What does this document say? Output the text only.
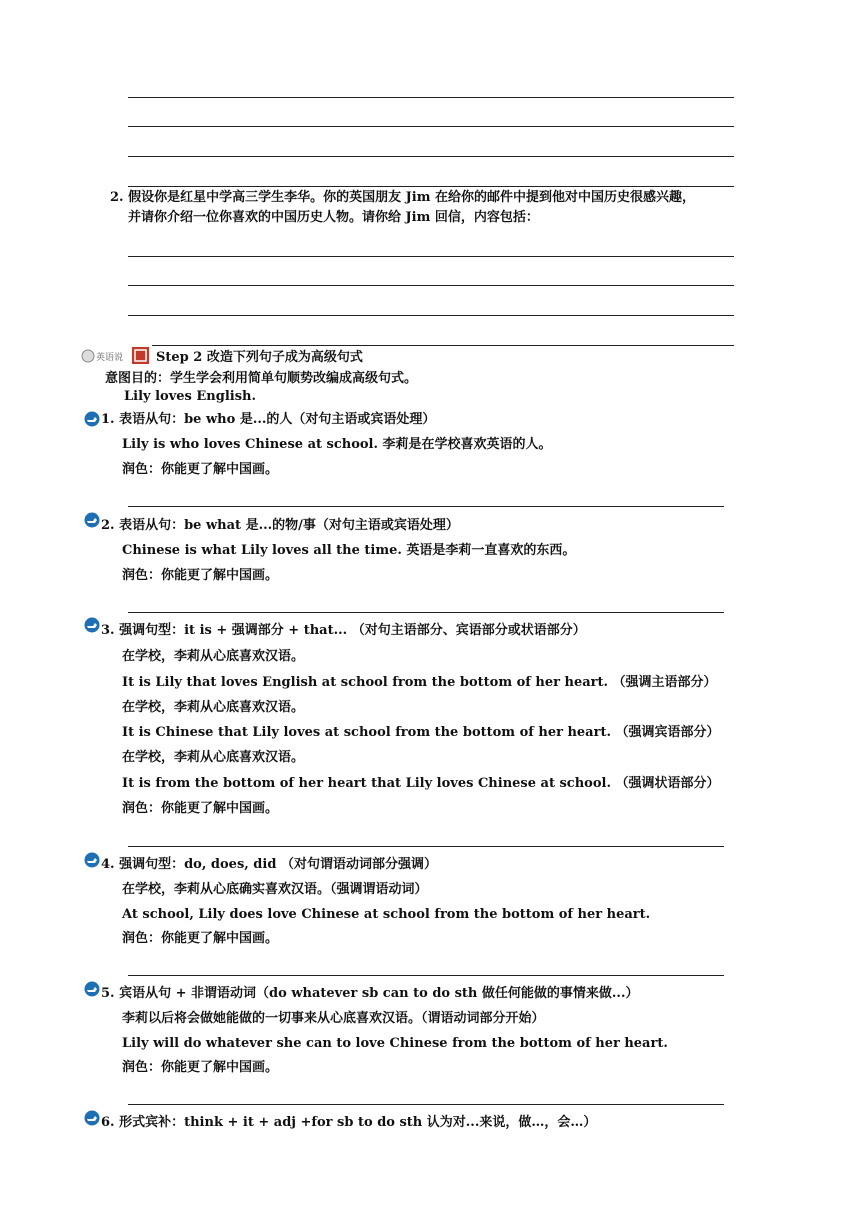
2. 假设你是红星中学高三学生李华。你的英国朋友 Jim 在给你的邮件中提到他对中国历史很感兴趣，
并请你介绍一位你喜欢的中国历史人物。请你给 Jim 回信，内容包括：
英语说	Step 2 改造下列句子成为高级句式
意图目的：学生学会利用简单句顺势改编成高级句式。
Lily loves English.
1. 表语从句：be who 是...的人（对句主语或宾语处理）
Lily is who loves Chinese at school. 李莉是在学校喜欢英语的人。
润色：你能更了解中国画。
2. 表语从句：be what 是...的物/事（对句主语或宾语处理）
Chinese is what Lily loves all the time. 英语是李莉一直喜欢的东西。
润色：你能更了解中国画。
3. 强调句型：it is + 强调部分 + that... （对句主语部分、宾语部分或状语部分）
在学校，李莉从心底喜欢汉语。
It is Lily that loves English at school from the bottom of her heart. （强调主语部分）
在学校，李莉从心底喜欢汉语。
It is Chinese that Lily loves at school from the bottom of her heart. （强调宾语部分）
在学校，李莉从心底喜欢汉语。
It is from the bottom of her heart that Lily loves Chinese at school. （强调状语部分）
润色：你能更了解中国画。
4. 强调句型：do, does, did （对句谓语动词部分强调）
在学校，李莉从心底确实喜欢汉语。（强调谓语动词）
At school, Lily does love Chinese at school from the bottom of her heart.
润色：你能更了解中国画。
5. 宾语从句 + 非谓语动词（do whatever sb can to do sth 做任何能做的事情来做...）
李莉以后将会做她能做的一切事来从心底喜欢汉语。（谓语动词部分开始）
Lily will do whatever she can to love Chinese from the bottom of her heart.
润色：你能更了解中国画。
6. 形式宾补：think + it + adj +for sb to do sth 认为对...来说，做…，会…）
